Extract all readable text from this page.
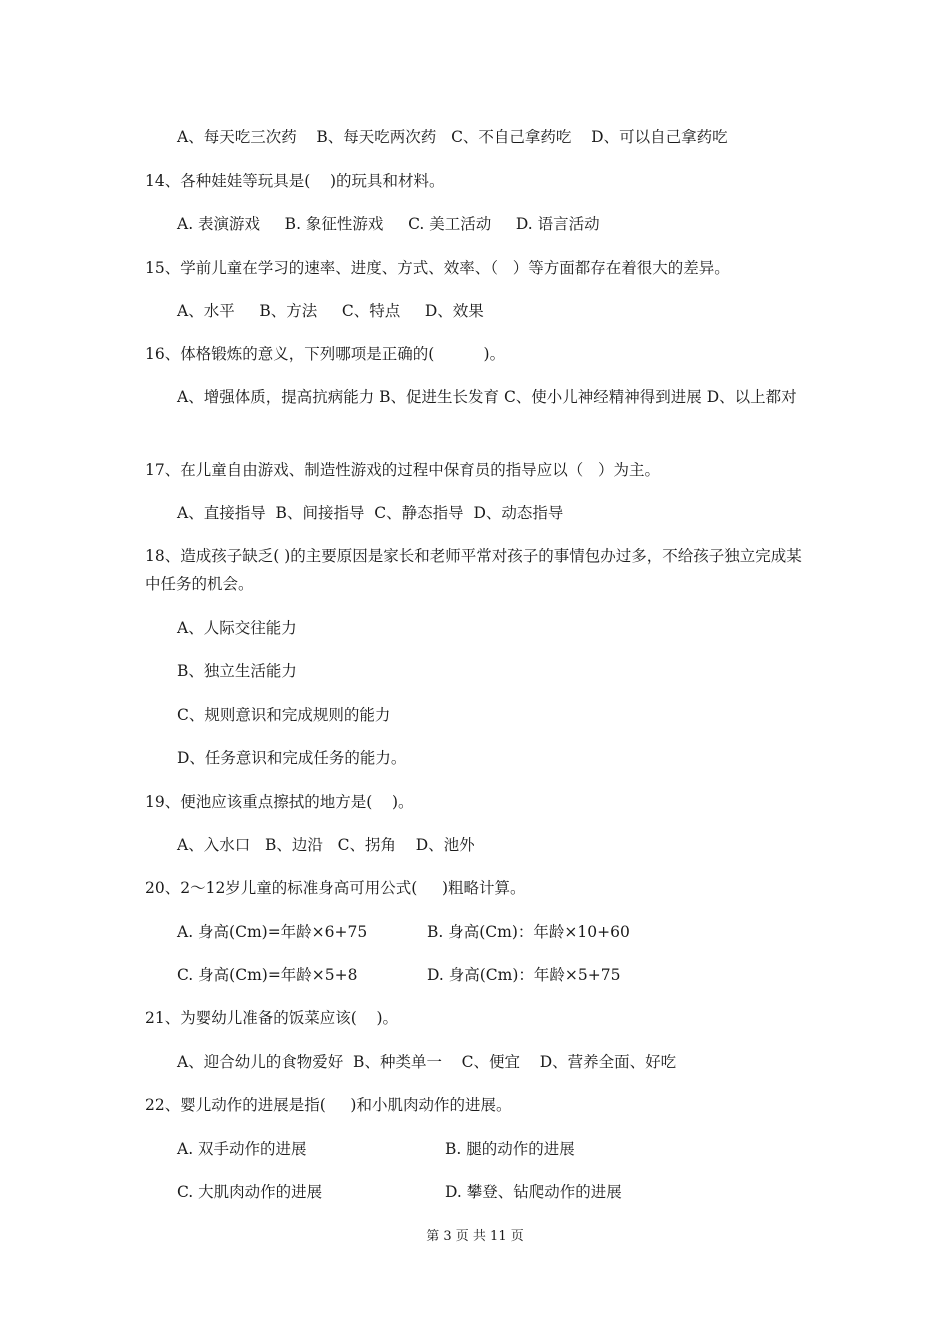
A、每天吃三次药    B、每天吃两次药   C、不自己拿药吃    D、可以自己拿药吃
14、各种娃娃等玩具是(    )的玩具和材料。
A. 表演游戏     B. 象征性游戏     C. 美工活动     D. 语言活动
15、学前儿童在学习的速率、进度、方式、效率、（   ）等方面都存在着很大的差异。
A、水平     B、方法     C、特点     D、效果
16、体格锻炼的意义，下列哪项是正确的(          )。
A、增强体质，提高抗病能力 B、促进生长发育 C、使小儿神经精神得到进展 D、以上都对
17、在儿童自由游戏、制造性游戏的过程中保育员的指导应以（   ）为主。
A、直接指导  B、间接指导  C、静态指导  D、动态指导
18、造成孩子缺乏( )的主要原因是家长和老师平常对孩子的事情包办过多，不给孩子独立完成某中任务的机会。
A、人际交往能力
B、独立生活能力
C、规则意识和完成规则的能力
D、任务意识和完成任务的能力。
19、便池应该重点擦拭的地方是(    )。
A、入水口   B、边沿   C、拐角    D、池外
20、2～12岁儿童的标准身高可用公式(     )粗略计算。
A. 身高(Cm)=年龄×6+75	B. 身高(Cm)：年龄×10+60
C. 身高(Cm)=年龄×5+8	D. 身高(Cm)：年龄×5+75
21、为婴幼儿准备的饭菜应该(    )。
A、迎合幼儿的食物爱好  B、种类单一    C、便宜    D、营养全面、好吃
22、婴儿动作的进展是指(     )和小肌肉动作的进展。
A. 双手动作的进展	B. 腿的动作的进展
C. 大肌肉动作的进展	D. 攀登、钻爬动作的进展
第 3 页 共 11 页
